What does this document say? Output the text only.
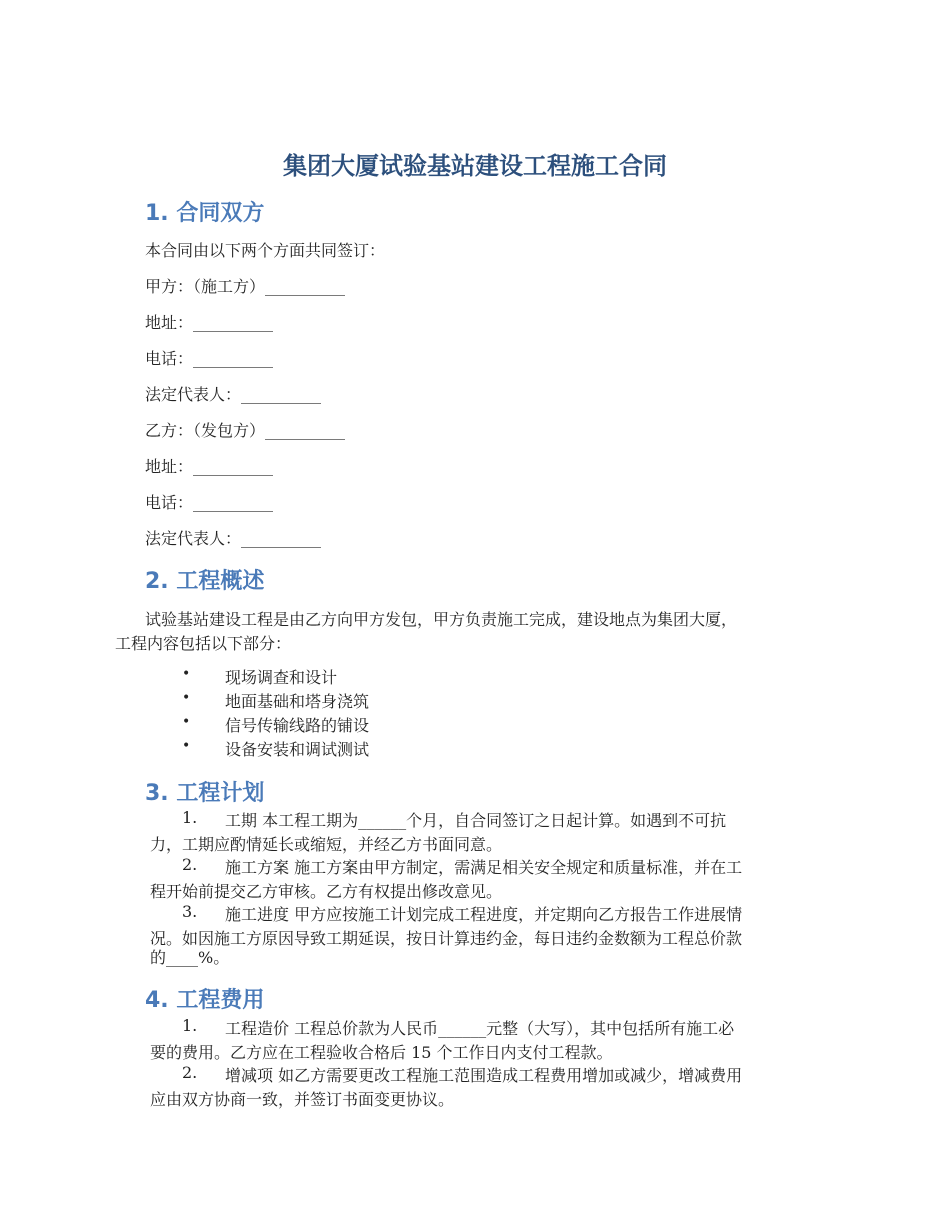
集团大厦试验基站建设工程施工合同
1. 合同双方
本合同由以下两个方面共同签订：
甲方：（施工方）__________
地址：__________
电话：__________
法定代表人：__________
乙方：（发包方）__________
地址：__________
电话：__________
法定代表人：__________
2. 工程概述
试验基站建设工程是由乙方向甲方发包，甲方负责施工完成，建设地点为集团大厦，
工程内容包括以下部分：
• 现场调查和设计
• 地面基础和塔身浇筑
• 信号传输线路的铺设
• 设备安装和调试测试
3. 工程计划
1. 工期 本工程工期为______个月，自合同签订之日起计算。如遇到不可抗
力，工期应酌情延长或缩短，并经乙方书面同意。
2. 施工方案 施工方案由甲方制定，需满足相关安全规定和质量标准，并在工
程开始前提交乙方审核。乙方有权提出修改意见。
3. 施工进度 甲方应按施工计划完成工程进度，并定期向乙方报告工作进展情
况。如因施工方原因导致工期延误，按日计算违约金，每日违约金数额为工程总价款
的____%。
4. 工程费用
1. 工程造价 工程总价款为人民币______元整（大写），其中包括所有施工必
要的费用。乙方应在工程验收合格后 15 个工作日内支付工程款。
2. 增减项 如乙方需要更改工程施工范围造成工程费用增加或减少，增减费用
应由双方协商一致，并签订书面变更协议。
